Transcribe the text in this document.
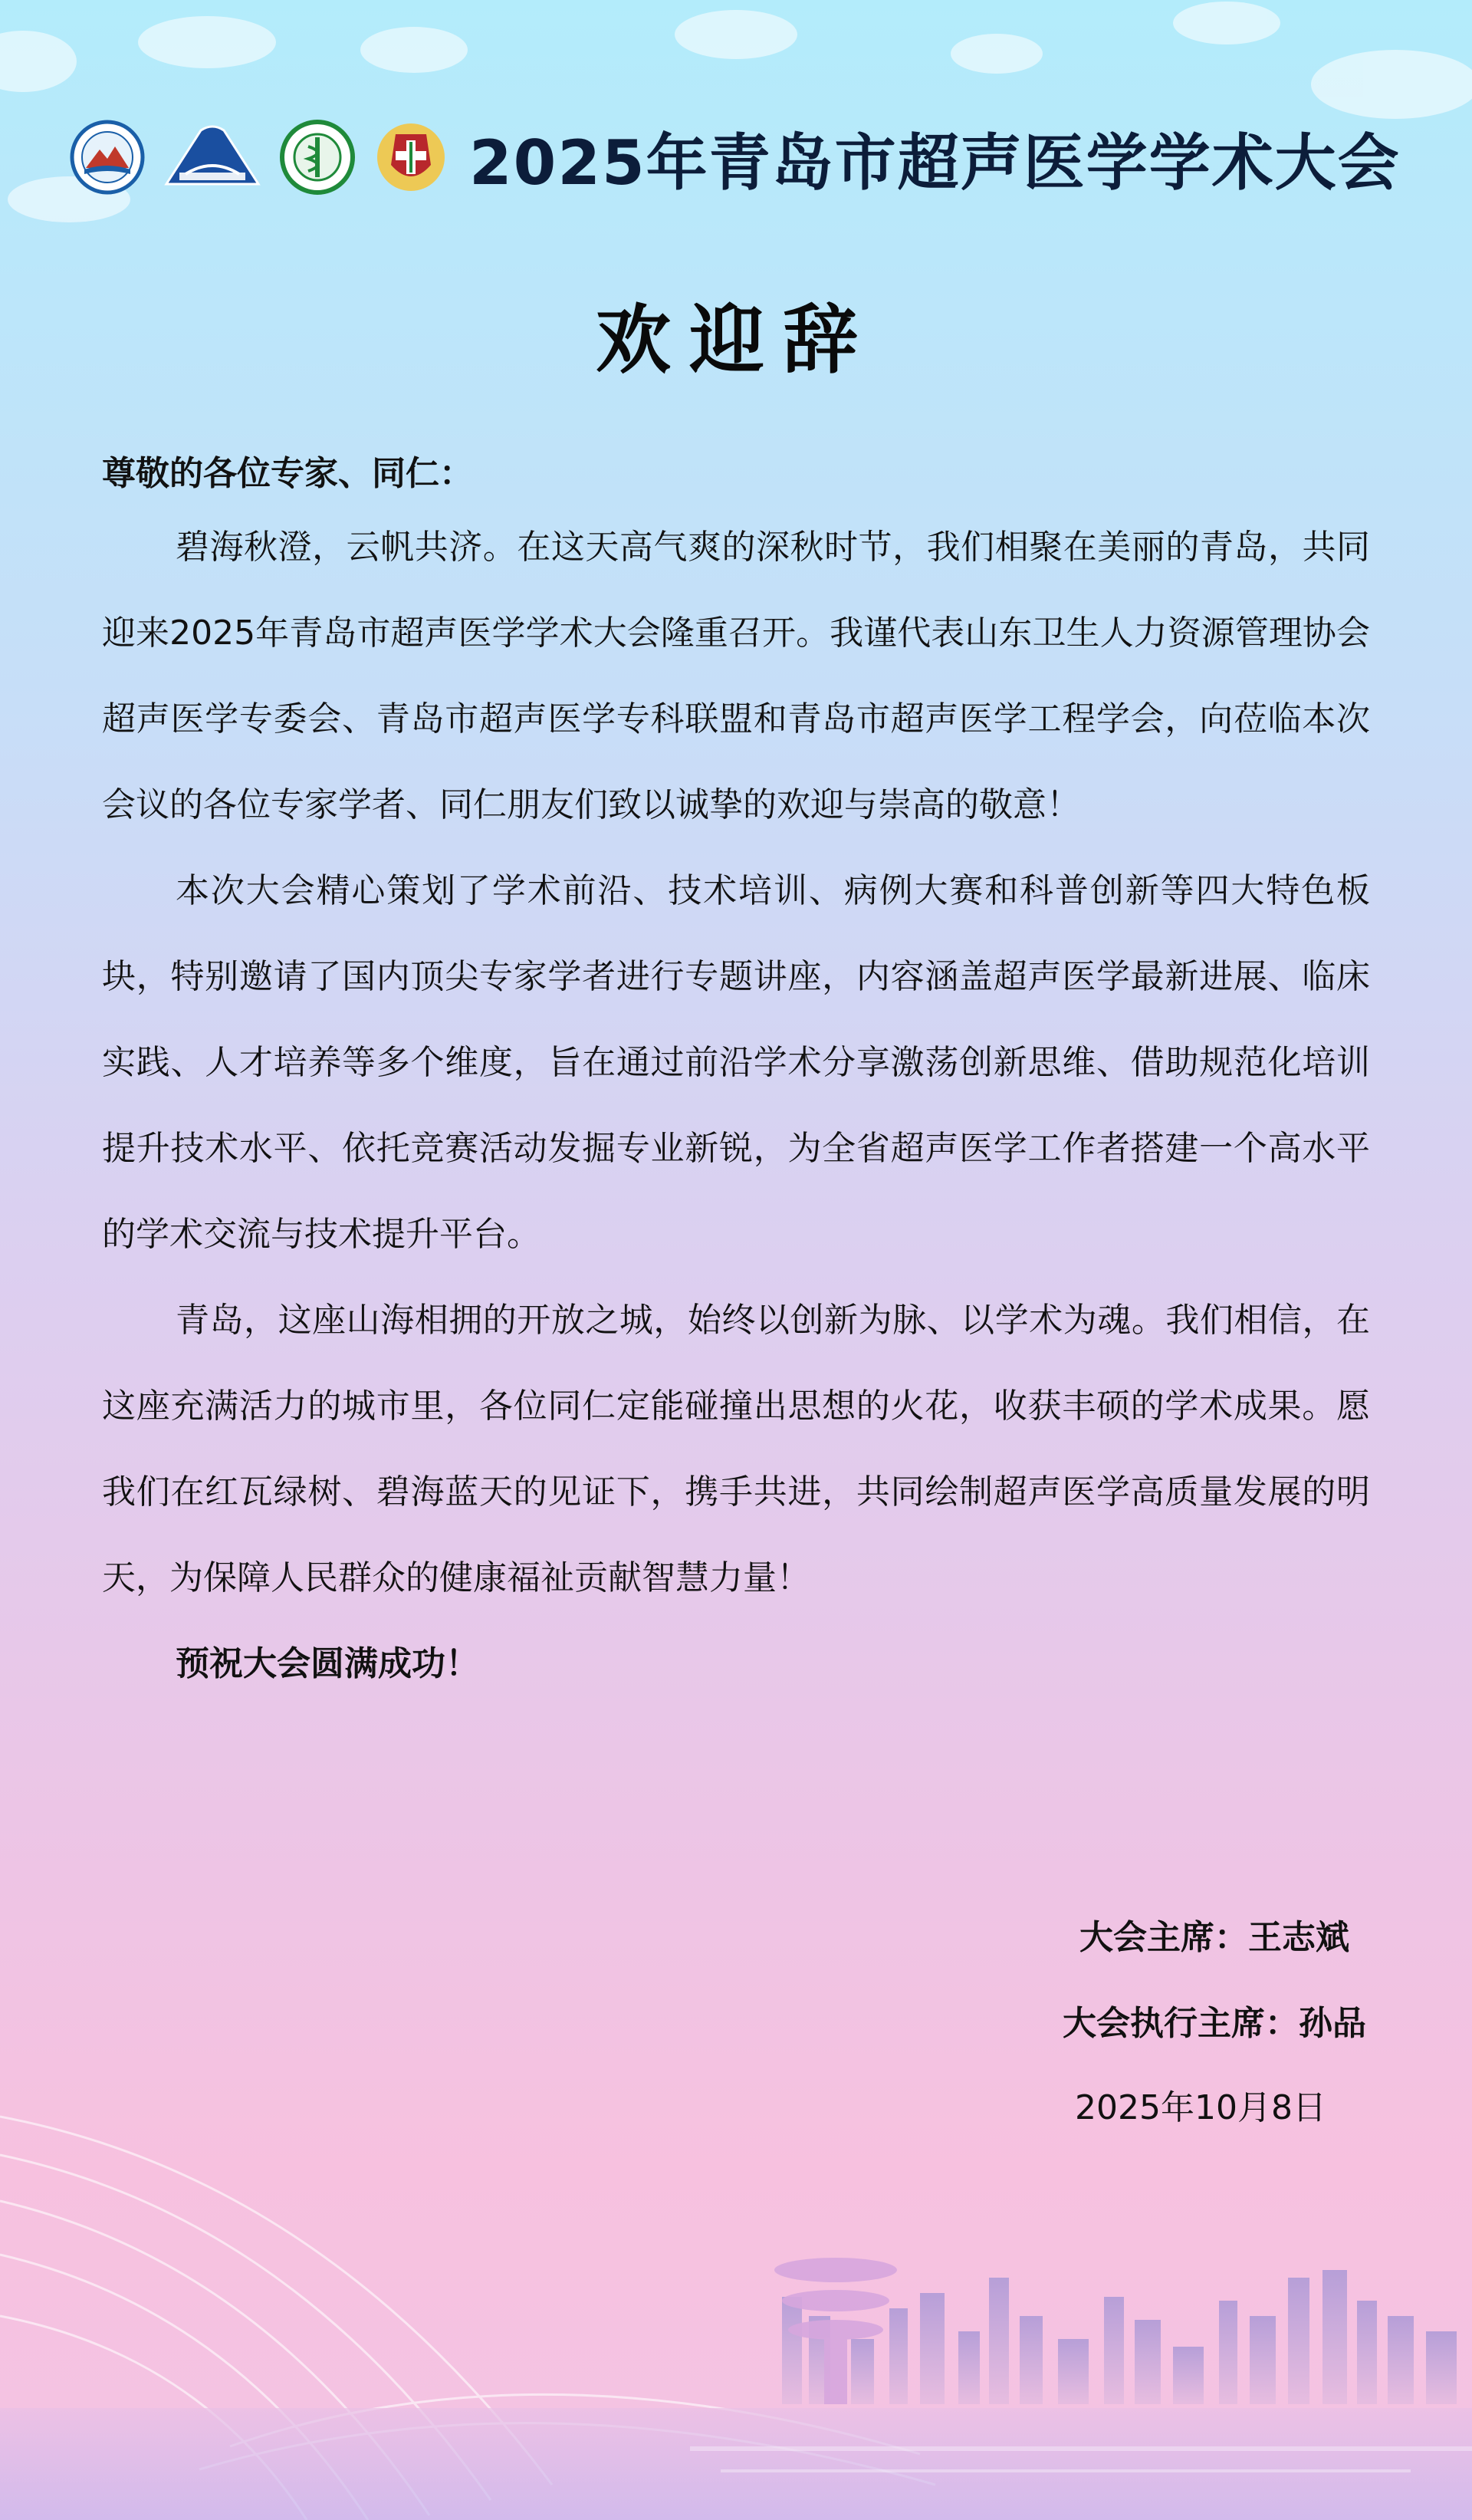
2025年青岛市超声医学学术大会
欢迎辞

尊敬的各位专家、同仁：

碧海秋澄，云帆共济。在这天高气爽的深秋时节，我们相聚在美丽的青岛，共同迎来2025年青岛市超声医学学术大会隆重召开。我谨代表山东卫生人力资源管理协会超声医学专委会、青岛市超声医学专科联盟和青岛市超声医学工程学会，向莅临本次会议的各位专家学者、同仁朋友们致以诚挚的欢迎与崇高的敬意！

本次大会精心策划了学术前沿、技术培训、病例大赛和科普创新等四大特色板块，特别邀请了国内顶尖专家学者进行专题讲座，内容涵盖超声医学最新进展、临床实践、人才培养等多个维度，旨在通过前沿学术分享激荡创新思维、借助规范化培训提升技术水平、依托竞赛活动发掘专业新锐，为全省超声医学工作者搭建一个高水平的学术交流与技术提升平台。

青岛，这座山海相拥的开放之城，始终以创新为脉、以学术为魂。我们相信，在这座充满活力的城市里，各位同仁定能碰撞出思想的火花，收获丰硕的学术成果。愿我们在红瓦绿树、碧海蓝天的见证下，携手共进，共同绘制超声医学高质量发展的明天，为保障人民群众的健康福祉贡献智慧力量！

预祝大会圆满成功！

大会主席：王志斌
大会执行主席：孙品
2025年10月8日
